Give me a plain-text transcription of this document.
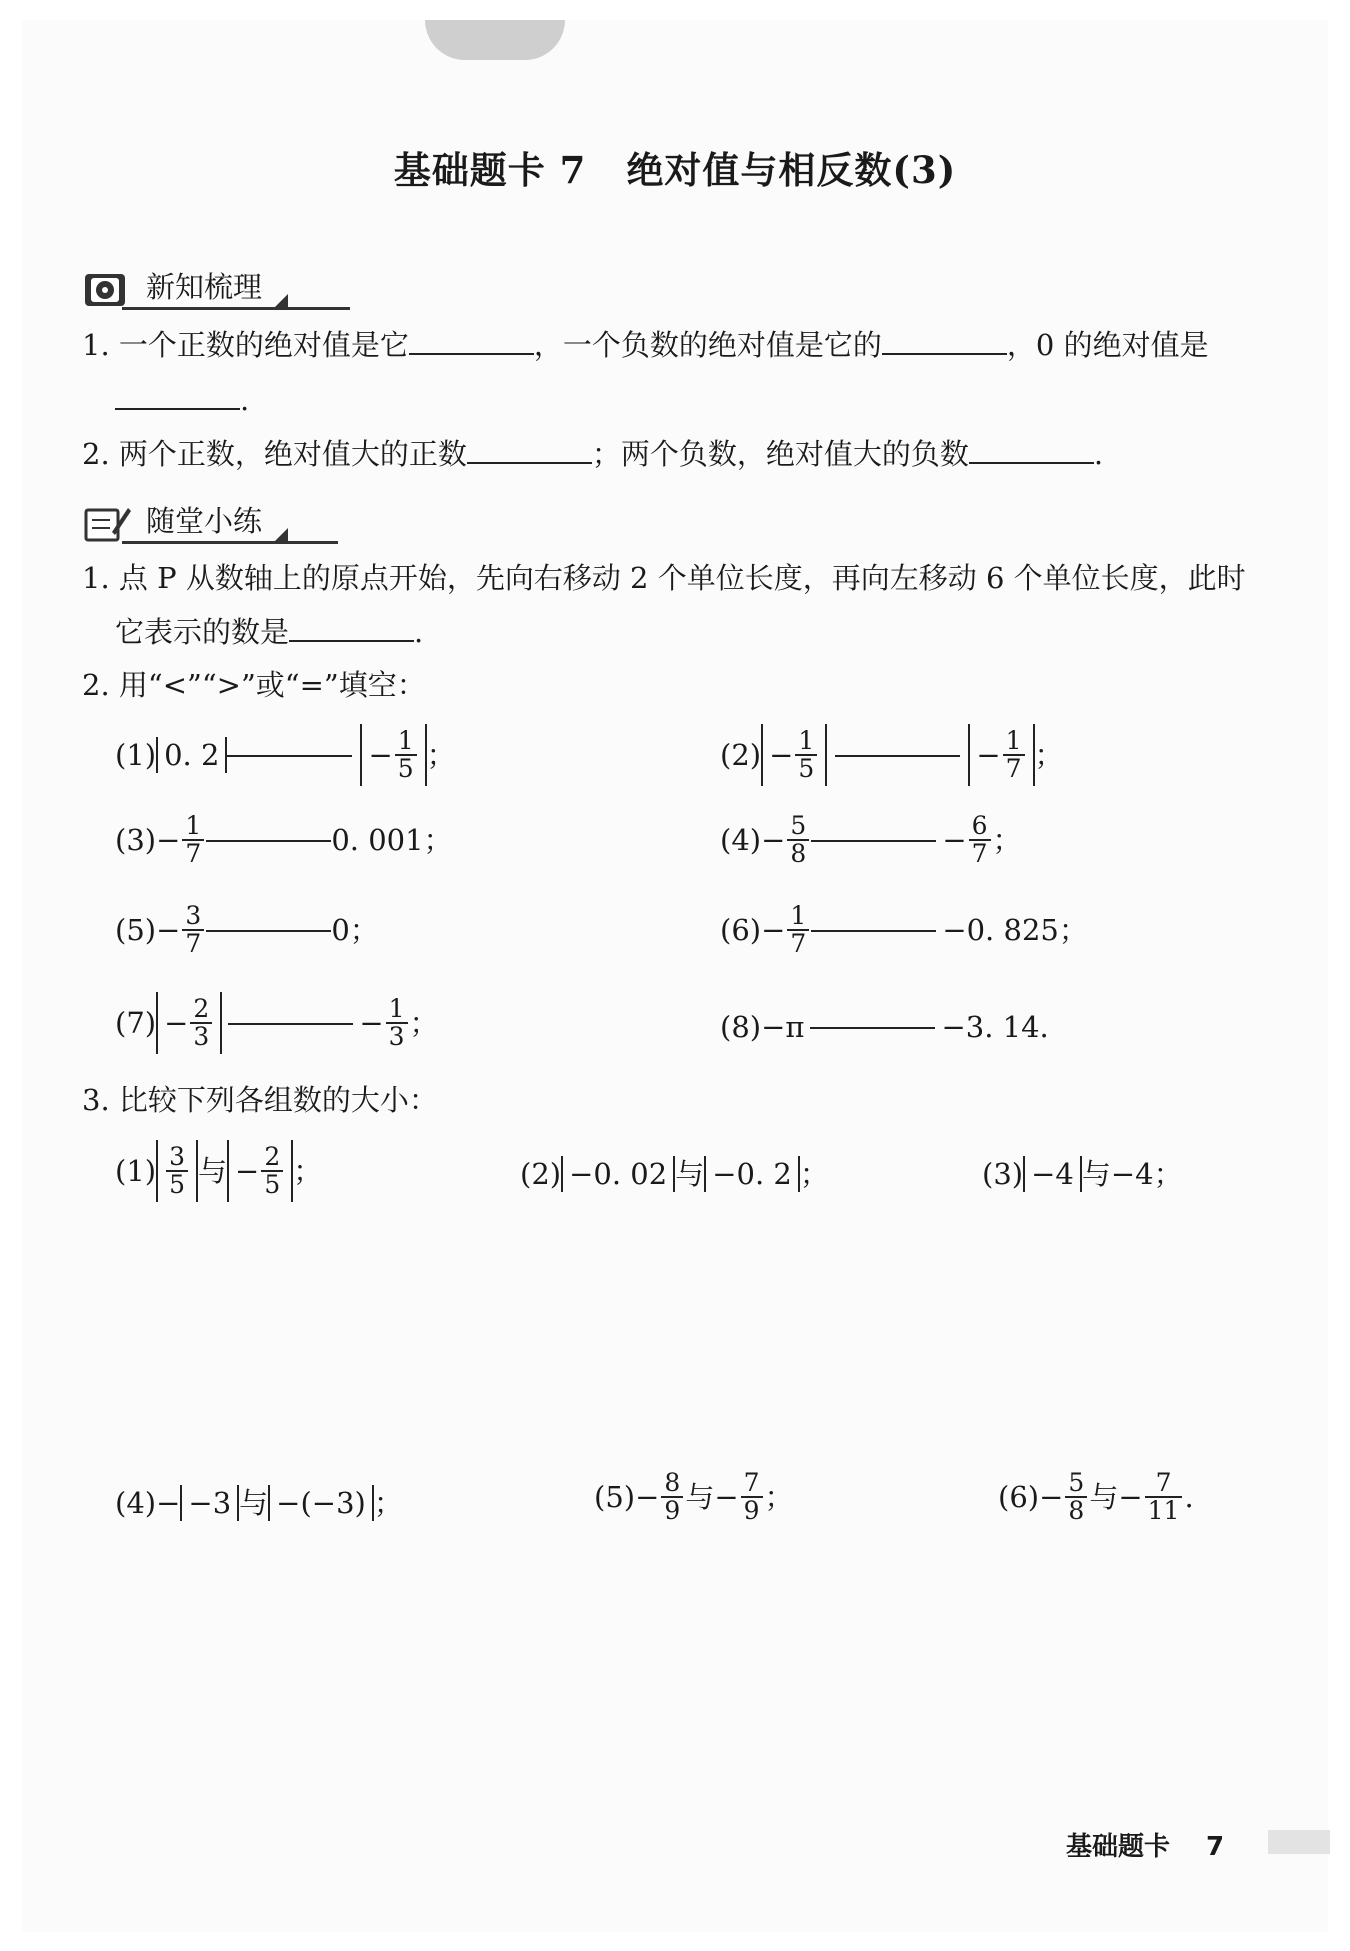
基础题卡 7 绝对值与相反数(3)
新知梳理
1. 一个正数的绝对值是它	，一个负数的绝对值是它的	，0 的绝对值是
.
2. 两个正数，绝对值大的正数	；两个负数，绝对值大的负数	.
随堂小练
1. 点 P 从数轴上的原点开始，先向右移动 2 个单位长度，再向左移动 6 个单位长度，此时
它表示的数是	.
2. 用“<”“>”或“=”填空：
(1) 0. 2	− $\frac{1}{5}$ ；	$(2) - \frac{1}{5}$	− $\frac{1}{7}$ ；
$(3) - \frac{1}{7}$	0. 001；	$(4) - \frac{5}{8}$	− $\frac{6}{7}$ ；
$(5) - \frac{3}{7}$	0；	$(6) - \frac{1}{7}$	−0. 825；
$(7) - \frac{2}{3}$	− $\frac{1}{3}$ ；	(8) −π	−3. 14.
3. 比较下列各组数的大小：
$(1) \frac{3}{5}$ 与 − $\frac{2}{5}$ ；	(2) −0. 02 与 −0. 2 ；	(3) −4 与−4；
(4) − −3 与 −(−3) ；	$(5) - \frac{8}{9}$ 与 − $\frac{7}{9}$ ；	$(6) - \frac{5}{8}$ 与 − $\frac{7}{11}$ .
基础题卡 7
